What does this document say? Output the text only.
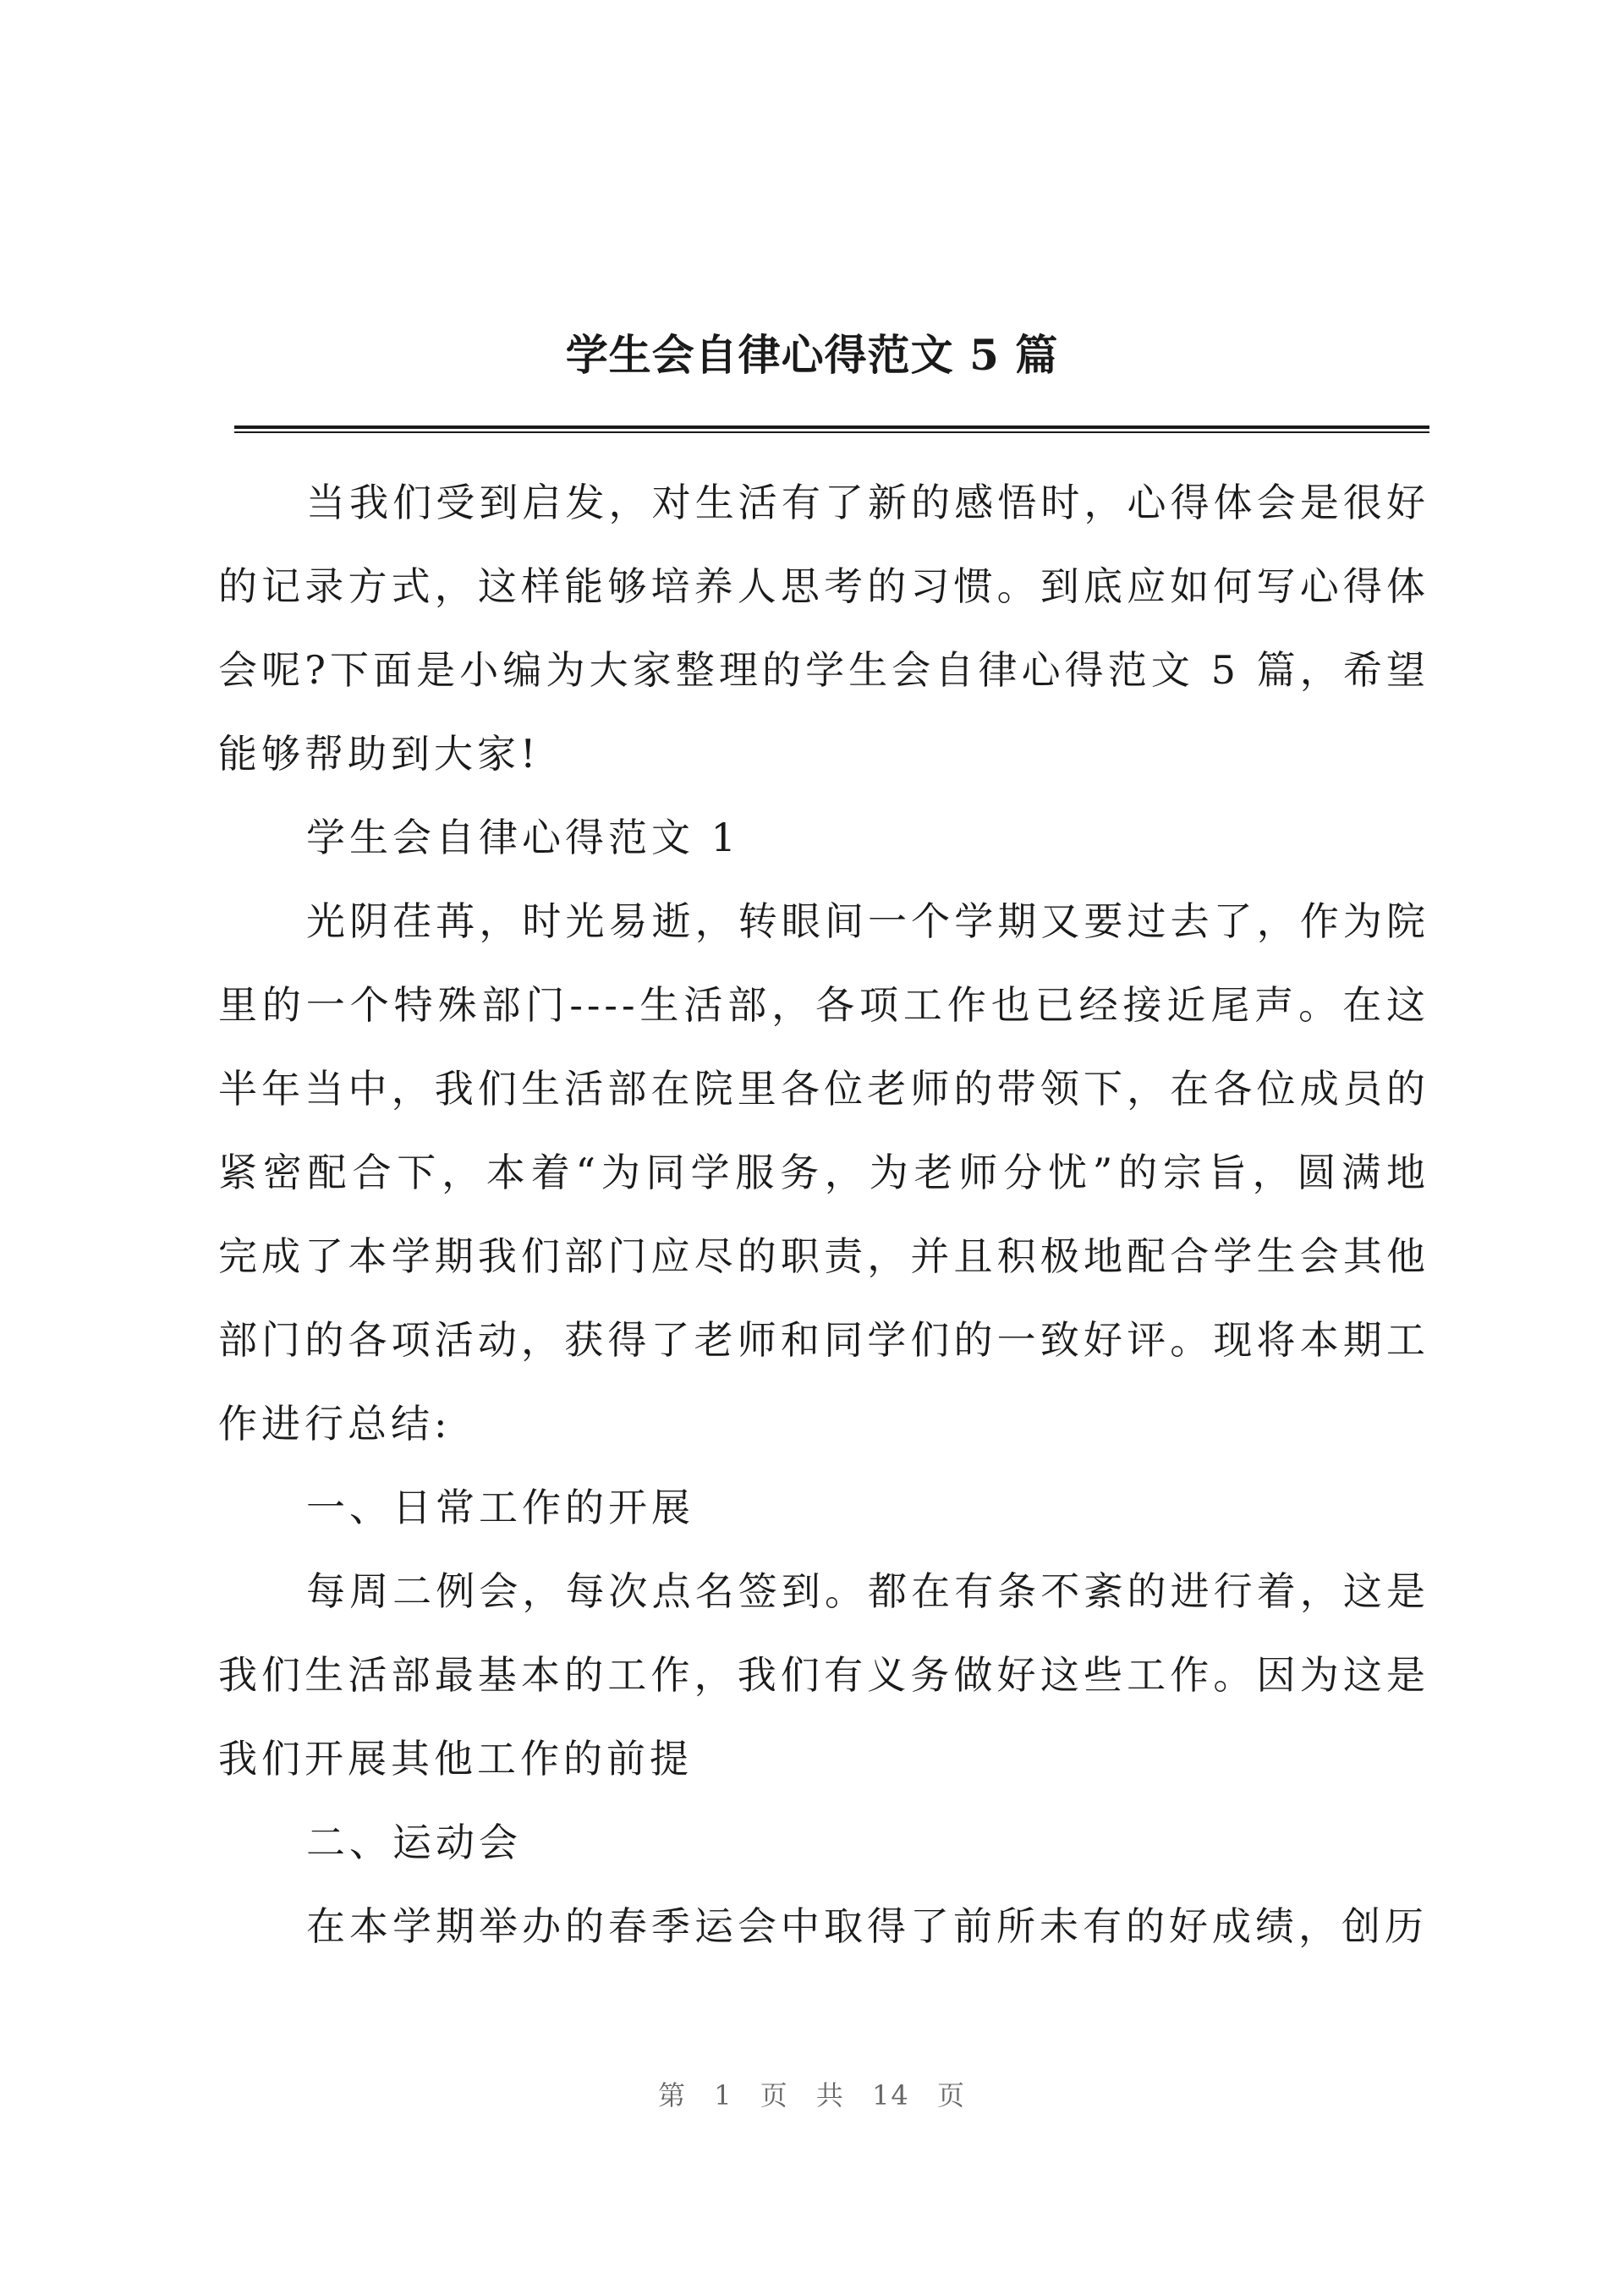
学生会自律心得范文 5 篇

当我们受到启发，对生活有了新的感悟时，心得体会是很好的记录方式，这样能够培养人思考的习惯。到底应如何写心得体会呢?下面是小编为大家整理的学生会自律心得范文 5 篇，希望能够帮助到大家!

学生会自律心得范文 1

光阴荏苒，时光易逝，转眼间一个学期又要过去了，作为院里的一个特殊部门----生活部，各项工作也已经接近尾声。在这半年当中，我们生活部在院里各位老师的带领下，在各位成员的紧密配合下，本着“为同学服务，为老师分忧”的宗旨，圆满地完成了本学期我们部门应尽的职责，并且积极地配合学生会其他部门的各项活动，获得了老师和同学们的一致好评。现将本期工作进行总结:

一、日常工作的开展

每周二例会，每次点名签到。都在有条不紊的进行着，这是我们生活部最基本的工作，我们有义务做好这些工作。因为这是我们开展其他工作的前提

二、运动会

在本学期举办的春季运会中取得了前所未有的好成绩，创历

第 1 页 共 14 页
